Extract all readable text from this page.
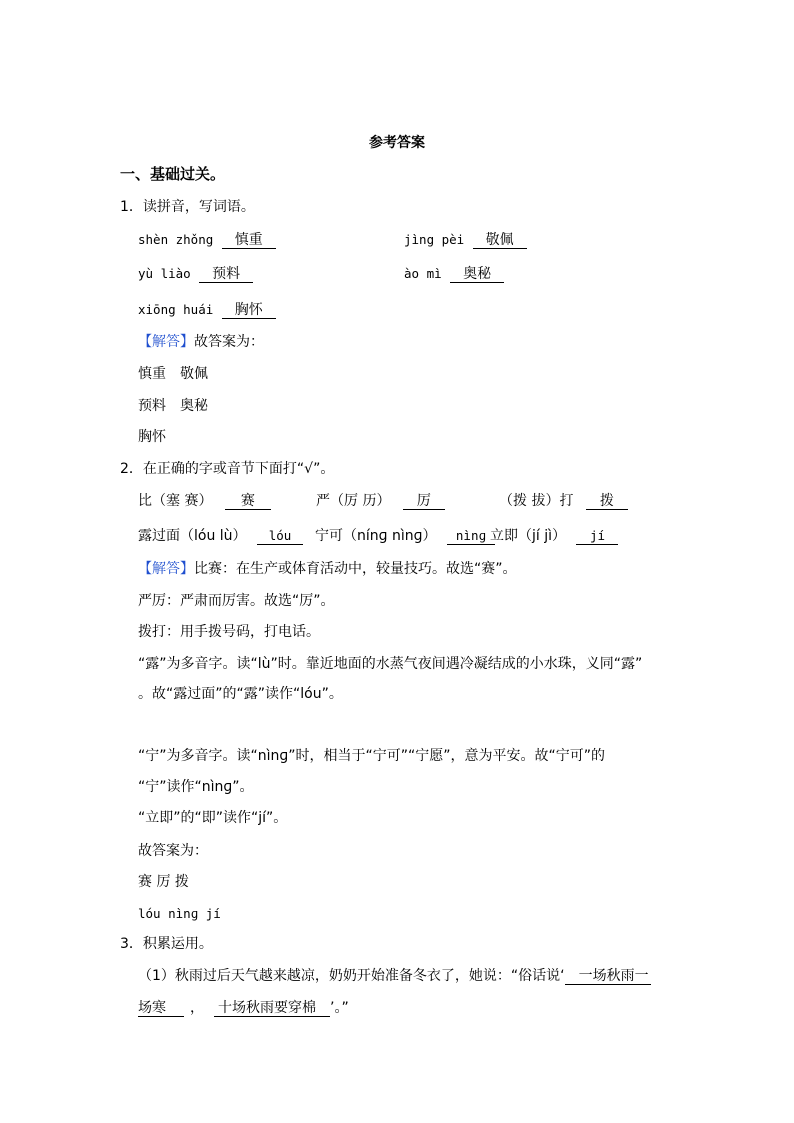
参考答案
一、基础过关。
1．读拼音，写词语。
shèn zhǒng 慎重	jìng pèi 敬佩
yù liào 预料	ào mì 奥秘
xiōng huái 胸怀
【解答】故答案为：
慎重　敬佩
预料　奥秘
胸怀
2．在正确的字或音节下面打“√”。
比（塞 赛） 赛	严（厉 历） 厉	（拨 拔）打 拨
露过面（lóu lù） lóu	宁可（nínɡ nìnɡ） nìnɡ 立即（jí jì） jí
【解答】比赛：在生产或体育活动中，较量技巧。故选“赛”。
严厉：严肃而厉害。故选“厉”。
拨打：用手拨号码，打电话。
“露”为多音字。读“lù”时。靠近地面的水蒸气夜间遇冷凝结成的小水珠，义同“露”
。故“露过面”的“露”读作“lóu”。
“宁”为多音字。读“nìnɡ”时，相当于“宁可”“宁愿”，意为平安。故“宁可”的
“宁”读作“nìnɡ”。
“立即”的“即”读作“jí”。
故答案为：
赛 厉 拨
lóu nìnɡ jí
3．积累运用。
（1）秋雨过后天气越来越凉，奶奶开始准备冬衣了，她说：“俗话说‘ 一场秋雨一
场寒 ， 十场秋雨要穿棉 ’。”
